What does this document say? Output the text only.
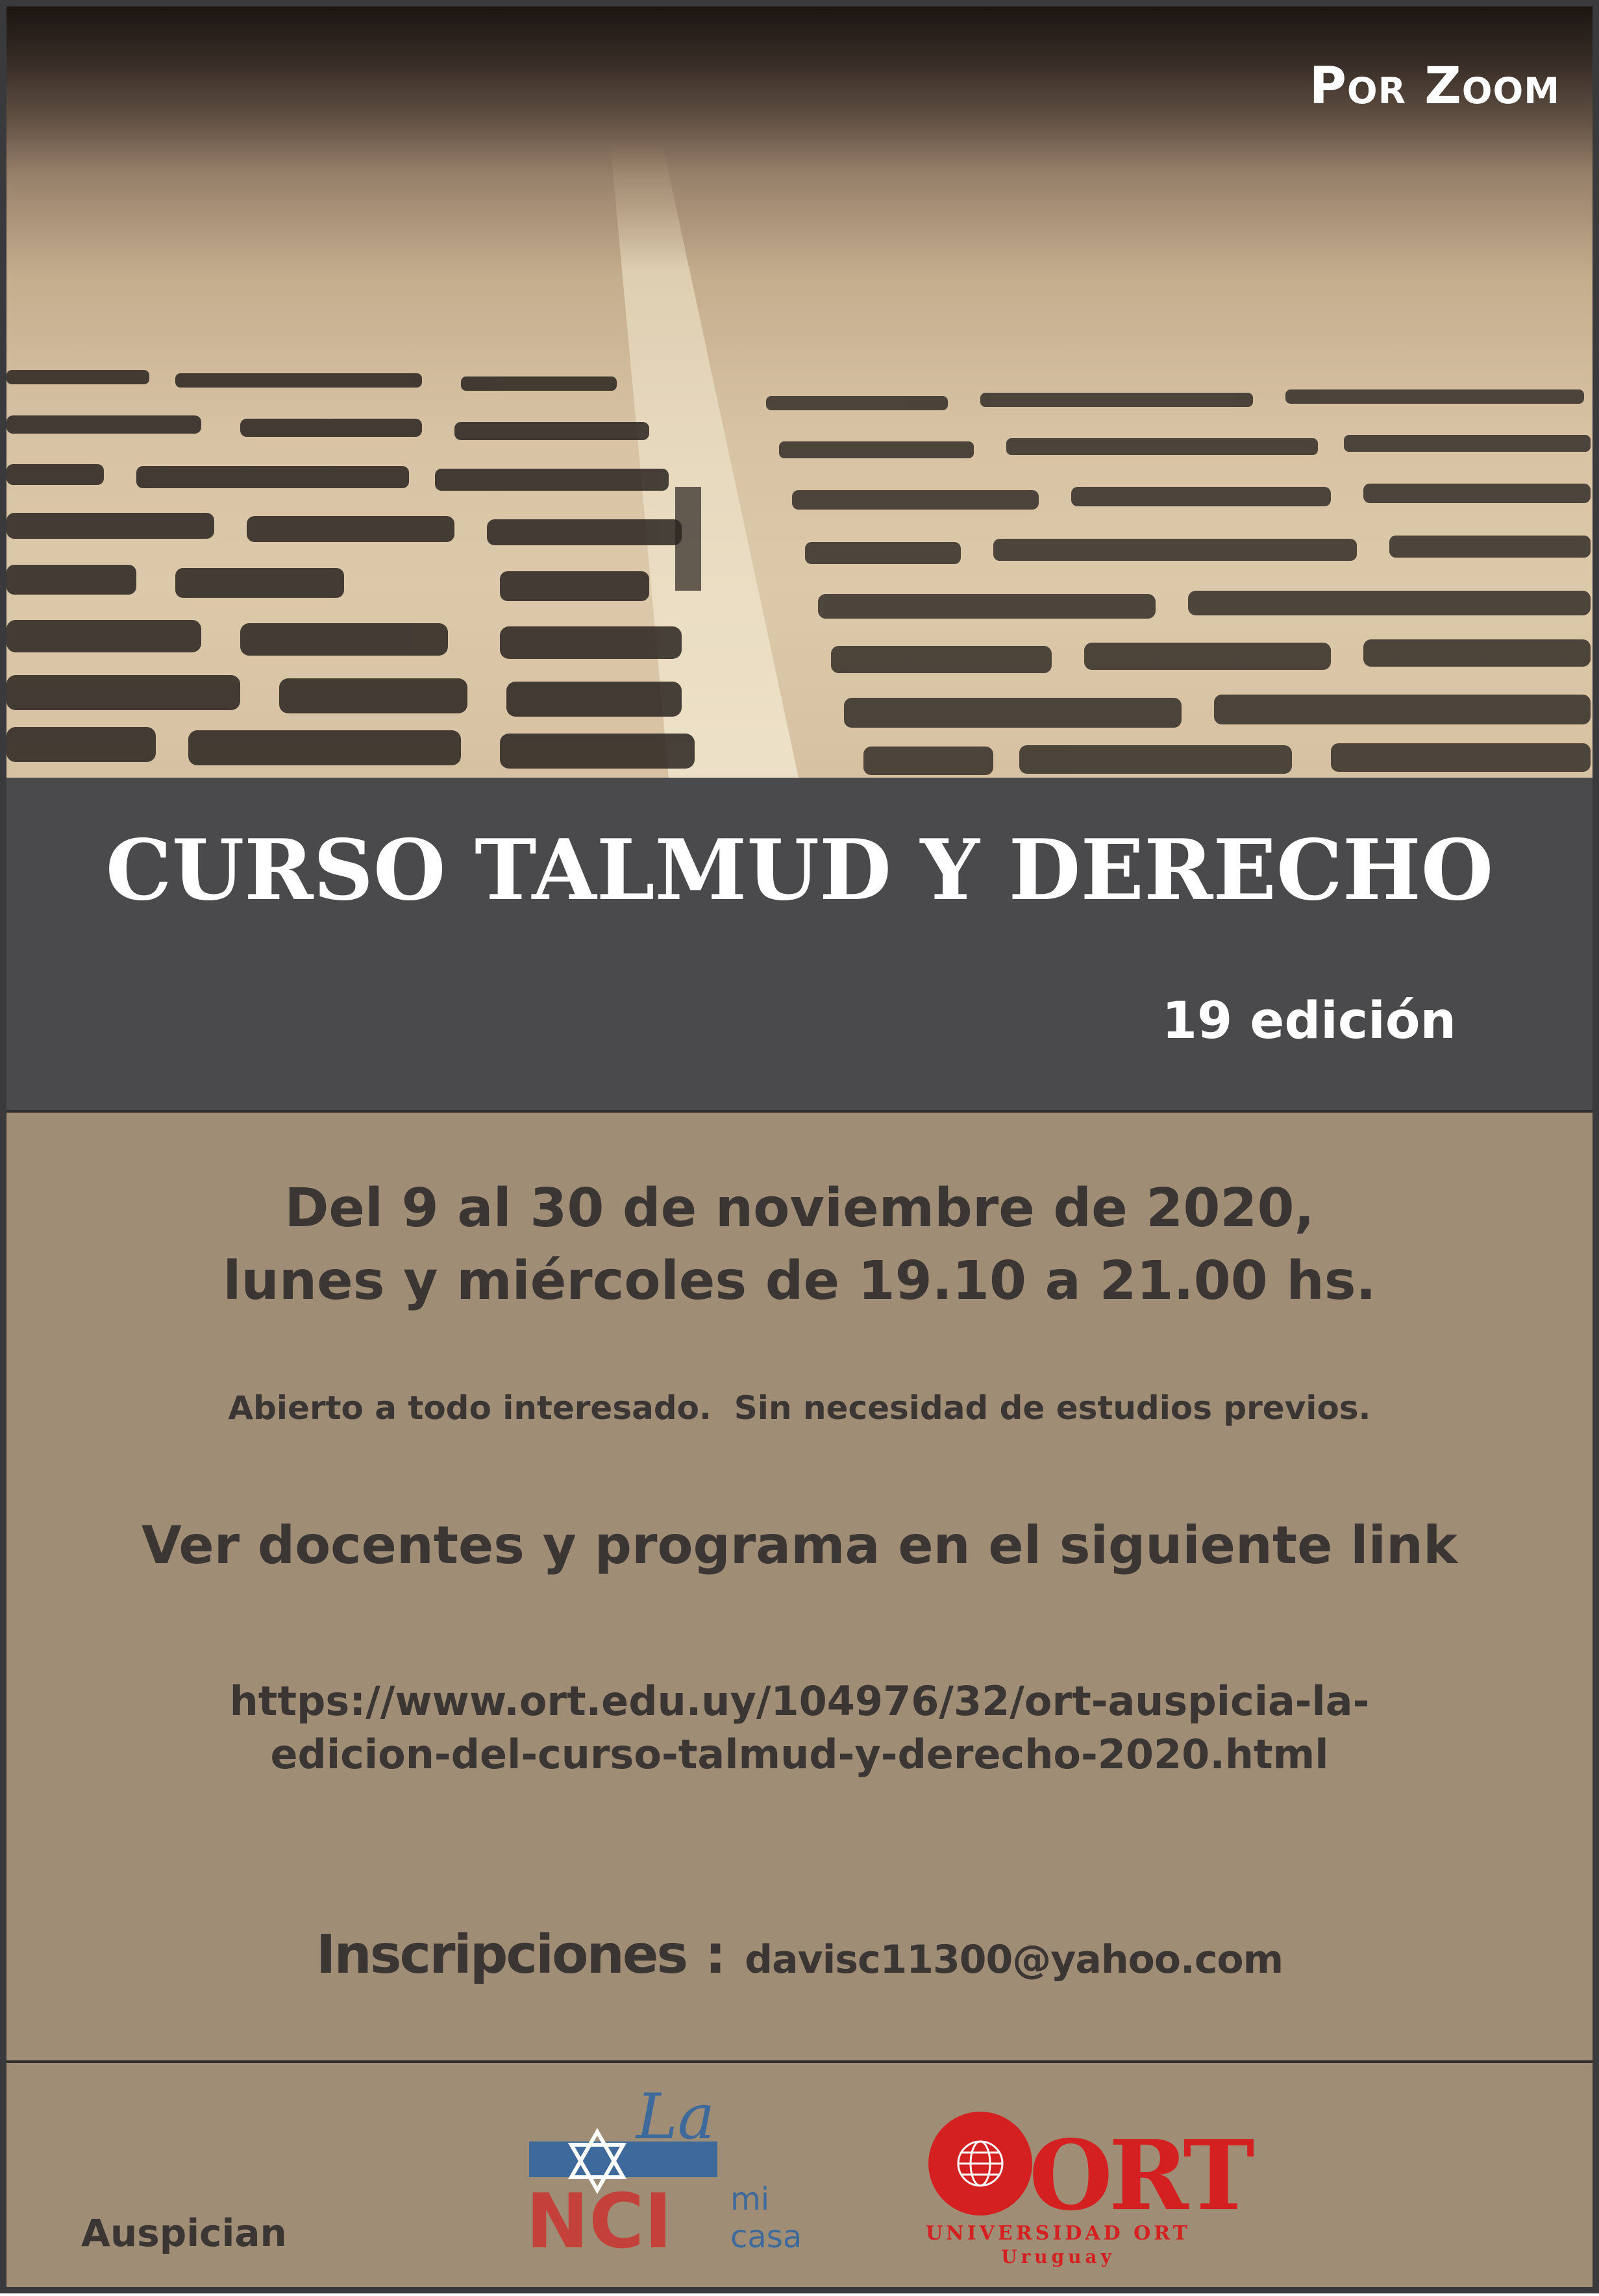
Por Zoom
CURSO TALMUD Y DERECHO
19 edición
Del 9 al 30 de noviembre de 2020,
lunes y miércoles de 19.10 a 21.00 hs.
Abierto a todo interesado.  Sin necesidad de estudios previos.
Ver docentes y programa en el siguiente link
https://www.ort.edu.uy/104976/32/ort-auspicia-la-
edicion-del-curso-talmud-y-derecho-2020.html
Inscripciones : davisc11300@yahoo.com
Auspician
La
NCI mi
casa
ORT
UNIVERSIDAD ORT
Uruguay
